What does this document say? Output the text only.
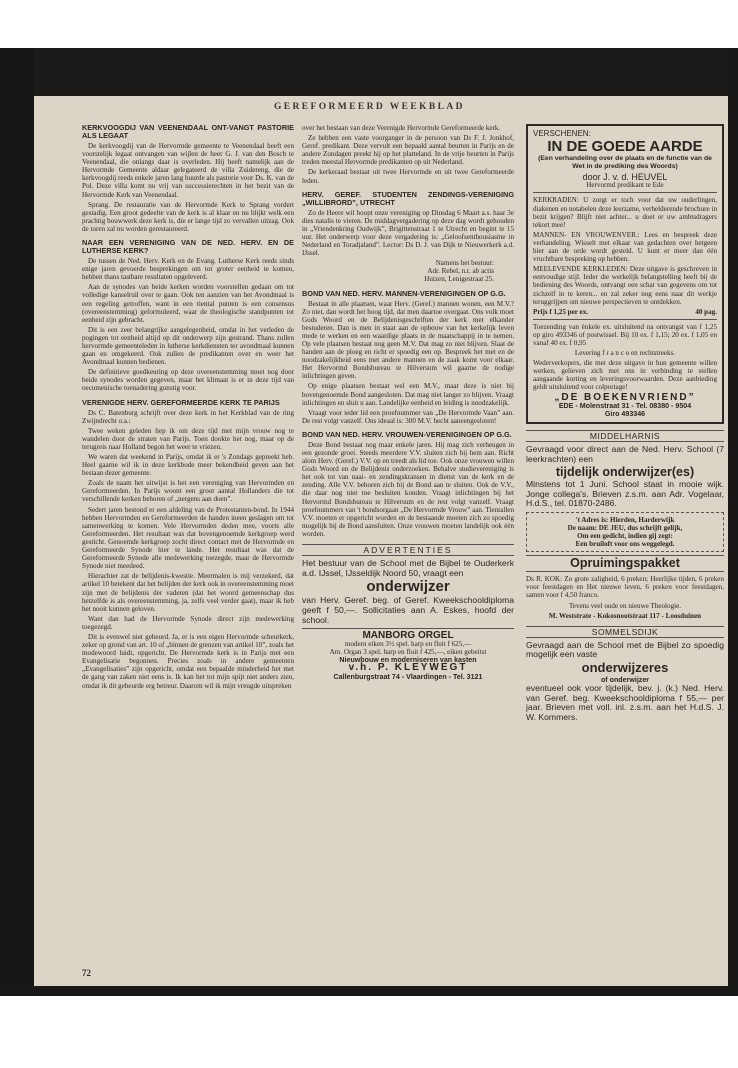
GEREFORMEERD WEEKBLAD
KERKVOOGDIJ VAN VEENENDAAL ONT-VANGT PASTORIE ALS LEGAAT

De kerkvoogdij van de Hervormde gemeente te Veenendaal heeft een voorstelijk legaat ontvangen van wijlen de heer G. J. van den Bosch te Veenendaal, die onlangs daar is overleden. Hij heeft namelijk aan de Hervormde Gemeente aldaar gelegateerd de villa Zuidereng, die de kerkvoogdij reeds enkele jaren lang huurde als pastorie voor Ds. K. van de Pol. Deze villa komt nu vrij van successierechten in het bezit van de Hervormde Kerk van Veenendaal.

Sprang. De restauratie van de Hervormde Kerk te Sprang vordert gestadig. Een groot gedeelte van de kerk is al klaar en nu blijkt welk een prachtig bouwwerk deze kerk is, die er lange tijd zo vervallen uitzag. Ook de toren zal nu worden gerestaureerd.

NAAR EEN VERENIGING VAN DE NED. HERV. EN DE LUTHERSE KERK?

De tussen de Ned. Herv. Kerk en de Evang. Lutherse Kerk reeds sinds enige jaren gevoerde besprekingen om tot groter eenheid te komen, hebben thans tastbare resultaten opgeleverd.

Aan de synodes van beide kerken worden voorstellen gedaan om tot volledige kanselruil over te gaan. Ook ten aanzien van het Avondmaal is een regeling getroffen, want in een tiental punten is een consensus (overeenstemming) geformuleerd, waar de theologische standpunten tot eenheid zijn gebracht.

Dit is een zeer belangrijke aangelegenheid, omdat in het verleden de pogingen tot eenheid altijd op dit onderwerp zijn gestrand. Thans zullen hervormde gemeenteleden in lutherse kerkdiensten ter avondmaal kunnen gaan en omgekeerd. Ook zullen de predikanten over en weer het Avondmaal kunnen bedienen.

De definitieve goedkeuring op deze overeenstemming moet nog door beide synodes worden gegeven, maar het klimaat is er in deze tijd van oecumenische toenadering gunstig voor.

VERENIGDE HERV. GEREFORMEERDE KERK TE PARIJS

Ds C. Batenburg schrijft over deze kerk in het Kerkblad van de ring Zwijndrecht o.a.:

Twee weken geleden liep ik om deze tijd met mijn vrouw nog te wandelen door de straten van Parijs. Toen dookte het nog, maar op de terugreis naar Holland begon het weer te vriezen.

We waren dat weekend in Parijs, omdat ik er 's Zondags gepreekt heb. Heel gaarne wil ik in deze kerkbode meer bekendheid geven aan het bestaan dezer gemeente.

Zoals de naam het uitwijst is het een vereniging van Hervormden en Gereformeerden. In Parijs woont een groot aantal Hollanders die tot verschillende kerken behoren of „nergens aan doen”.

Sedert jaren bestond er een afdeling van de Protestanten-bond. In 1944 hebben Hervormden en Gereformeerden de handen ineen geslagen om tot samenwerking te komen. Vele Hervormden deden mee, voorts alle Gereformeerden. Het resultaat was dat bovengenoemde kerkgroep werd gesticht. Genoemde kerkgroep zocht direct contact met de Hervormde en Gereformeerde Synode hier te lande. Het resultaat was dat de Gereformeerde Synode alle medewerking toezegde, maar de Hervormde Synode niet meedeed.

Hierachter zat de belijdenis-kwestie. Meermalen is mij verzekerd, dat artikel 10 betekent dat het belijden der kerk ook in overeenstemming moet zijn met de belijdenis der vaderen (dat het woord gemeenschap dus hetzelfde is als overeenstemming, ja, zelfs veel verder gaat), maar ik heb het nooit kunnen geloven.

Want dan had de Hervormde Synode direct zijn medewerking toegezegd.

Dit is evenwel niet gebeurd. Ja, er is een eigen Hervormde scheurkerk, zeker op grond van art. 10 of „binnen de grenzen van artikel 10”, zoals het modewoord luidt, opgericht. De Hervormde kerk is in Parijs met een Evangelisatie begonnen. Precies zoals in andere gemeenten „Evangelisaties” zijn opgericht, omdat een bepaalde minderheid het met de gang van zaken niet eens is. Ik kan het tot mijn spijt niet anders zien, omdat ik dit gebeurde erg betreur. Daarom wil ik mijn vreugde uitspreken

over het bestaan van deze Verenigde Hervormde Gereformeerde kerk.

Ze hebben een vaste voorganger in de persoon van Ds F. J. Jonkhof, Geref. predikant. Deze vervult een bepaald aantal beurten in Parijs en de andere Zondagen preekt hij op het platteland. In de vrije beurten in Parijs treden meestal Hervormde predikanten op uit Nederland.

De kerkeraad bestaat uit twee Hervormde en uit twee Gereformeerde leden.

HERV. GEREF. STUDENTEN ZENDINGS-VERENIGING „WILLIBRORD”, UTRECHT

Zo de Heere wil hoopt onze vereniging op Dinsdag 6 Maart a.s. haar 3e dies natalis te vieren. De middagvergadering op deze dag wordt gehouden in „Vriendenkring Oudwijk”, Brigittenstraat 1 te Utrecht en begint te 15 uur. Het onderwerp voor deze vergadering is: „Geloofsenthousiasme in Nederland en Toradjaland”. Lector: Ds D. J. van Dijk te Nieuwerkerk a.d. IJssel.

Namens het bestuur:
Adr. Rebel, n.t. ab actis
Huizen, Lenigestraat 25.
BOND VAN NED. HERV. MANNEN-VERENIGINGEN OP G.G.

Bestaat in alle plaatsen, waar Herv. (Geref.) mannen wonen, een M.V.? Zo niet, dan wordt het hoog tijd, dat men daartoe overgaat. Ons volk moet Gods Woord en de Belijdenisgeschriften der kerk met elkander bestuderen. Dan is men in staat aan de opbouw van het kerkelijk leven mede te werken en een waardige plaats in de maatschappij in te nemen. Op vele plaatsen bestaat nog geen M.V. Dat mag zo niet blijven. Slaat de handen aan de ploeg en richt er spoedig een op. Bespreek het met en de noodzakelijkheid eens met andere mannen en de zaak komt voor elkaar. Het Hervormd Bondsbureau te Hilversum wil gaarne de nodige inlichtingen geven.

Op enige plaatsen bestaat wel een M.V., maar deze is niet bij bovengenoemde Bond aangesloten. Dat mag niet langer zo blijven. Vraagt inlichtingen en sluit u aan. Landelijke eenheid en leiding is noodzakelijk.

Vraagt voor ieder lid een proefnummer van „De Hervormde Vaan” aan. De rest volgt vanzelf. Ons ideaal is: 300 M.V. hecht aaneengesloten!

BOND VAN NED. HERV. VROUWEN-VERENIGINGEN OP G.G.

Deze Bond bestaat nog maar enkele jaren. Hij mag zich verheugen in een gezonde groei. Steeds meerdere V.V. sluiten zich bij hem aan. Richt alom Herv. (Geref.) V.V. op en treedt als lid toe. Ook onze vrouwen willen Gods Woord en de Belijdenis onderzoeken. Behalve studievereniging is het ook tot van naai- en zendingskransen in dienst van de kerk en de zending. Alle V.V. behoren zich bij de Bond aan te sluiten. Ook de V.V., die daar nog niet toe besluiten konden. Vraagt inlichtingen bij het Hervormd Bondsbureau te Hilversum en de rest volgt vanzelf. Vraagt proefnummers van 't bondsorgaan „De Hervormde Vrouw” aan. Tientallen V.V. moeten er opgericht worden en de bestaande moeten zich zo spoedig mogelijk bij de Bond aansluiten. Onze vrouwen moeten landelijk ook één worden.

ADVERTENTIES
Het bestuur van de School met de Bijbel te Ouderkerk a.d. IJssel, IJsseldijk Noord 50, vraagt een
onderwijzer
van Herv. Geref. beg. of Geref. Kweekschooldiploma geeft f 50,—. Sollicitaties aan A. Eskes, hoofd der school.
MANBORG ORGEL
modern eiken 3½ spel. harp en fluit f 625,—
Am. Organ 3 spel. harp en fluit f 425,—, eiken gebeitst
Nieuwbouw en moderniseren van kasten
v.h. P. KLEYWEGT
Callenburgstraat 74 - Vlaardingen - Tel. 3121
VERSCHENEN:
IN DE GOEDE AARDE
(Een verhandeling over de plaats en de functie van de Wet in de prediking des Woords)
door J. v. d. HEUVEL
Hervormd predikant te Ede

KERKRADEN: U zorgt er toch voor dat uw ouderlingen, diakenen en notabelen deze leerzame, verhelderende brochure in bezit krijgen? Blijft niet achter... u doet er uw ambtsdragers tekort mee!

MANNEN- EN VROUWENVER.: Lees en bespreek deze verhandeling. Wisselt met elkaar van gedachten over hetgeen hier aan de orde wordt gesteld. U kunt er meer dan één vruchtbare bespreking op hebben.

MEELEVENDE KERKLEDEN: Deze uitgave is geschreven in eenvoudige stijl. Ieder die werkelijk belangstelling heeft bij de bediening des Woords, ontvangt een schat van gegevens om tot zichzelf in te keren... en zal zeker nog eens naar dit werkje teruggrijpen om nieuwe perspectieven te ontdekken.

Prijs f 1,25 per ex.	40 pag.

Toezending van ènkele ex. uitsluitend na ontvangst van f 1,25 op giro 493346 of postwissel. Bij 10 ex. f 1,15; 20 ex. f 1,05 en vanaf 40 ex. f 0,95

Levering f r a n c o en rechtstreeks.

Wederverkopers, die met deze uitgave in hun gemeente willen werken, gelieven zich met ons in verbinding te stellen aangaande korting en leveringsvoorwaarden. Deze aanbieding geldt uitsluitend voor colportage!

„DE BOEKENVRIEND”
EDE - Molenstraat 31 - Tel. 08380 - 9504
Giro 493346
MIDDELHARNIS
Gevraagd voor direct aan de Ned. Herv. School (7 leerkrachten) een
tijdelijk onderwijzer(es)
Minstens tot 1 Juni. School staat in mooie wijk. Jonge collega's. Brieven z.s.m. aan Adr. Vogelaar, H.d.S., tel. 01870-2486.
't Adres is: Hierden, Harderwijk
De naam: DE JEU, dus schrijft gelijk,
Om een gedicht, indien gij zegt:
Een bruiloft voor ons weggelegd.
Opruimingspakket

Ds R. KOK: Zo grote zaligheid, 6 preken; Heerlijke tijden, 6 preken voor feestdagen en Het nieuwe leven, 6 preken voor feestdagen, samen voor f 4,50 franco.

Tevens veel oude en nieuwe Theologie.

M. Weststrate - Kokosnootstraat 117 - Loosduinen

SOMMELSDIJK
Gevraagd aan de School met de Bijbel zo spoedig mogelijk een vaste
onderwijzeres
of onderwijzer
eventueel ook voor tijdelijk, bev. j. (k.) Ned. Herv. van Geref. beg. Kweekschooldiploma f 55,— per jaar. Brieven met voll. inl. z.s.m. aan het H.d.S. J. W. Kommers.
72
